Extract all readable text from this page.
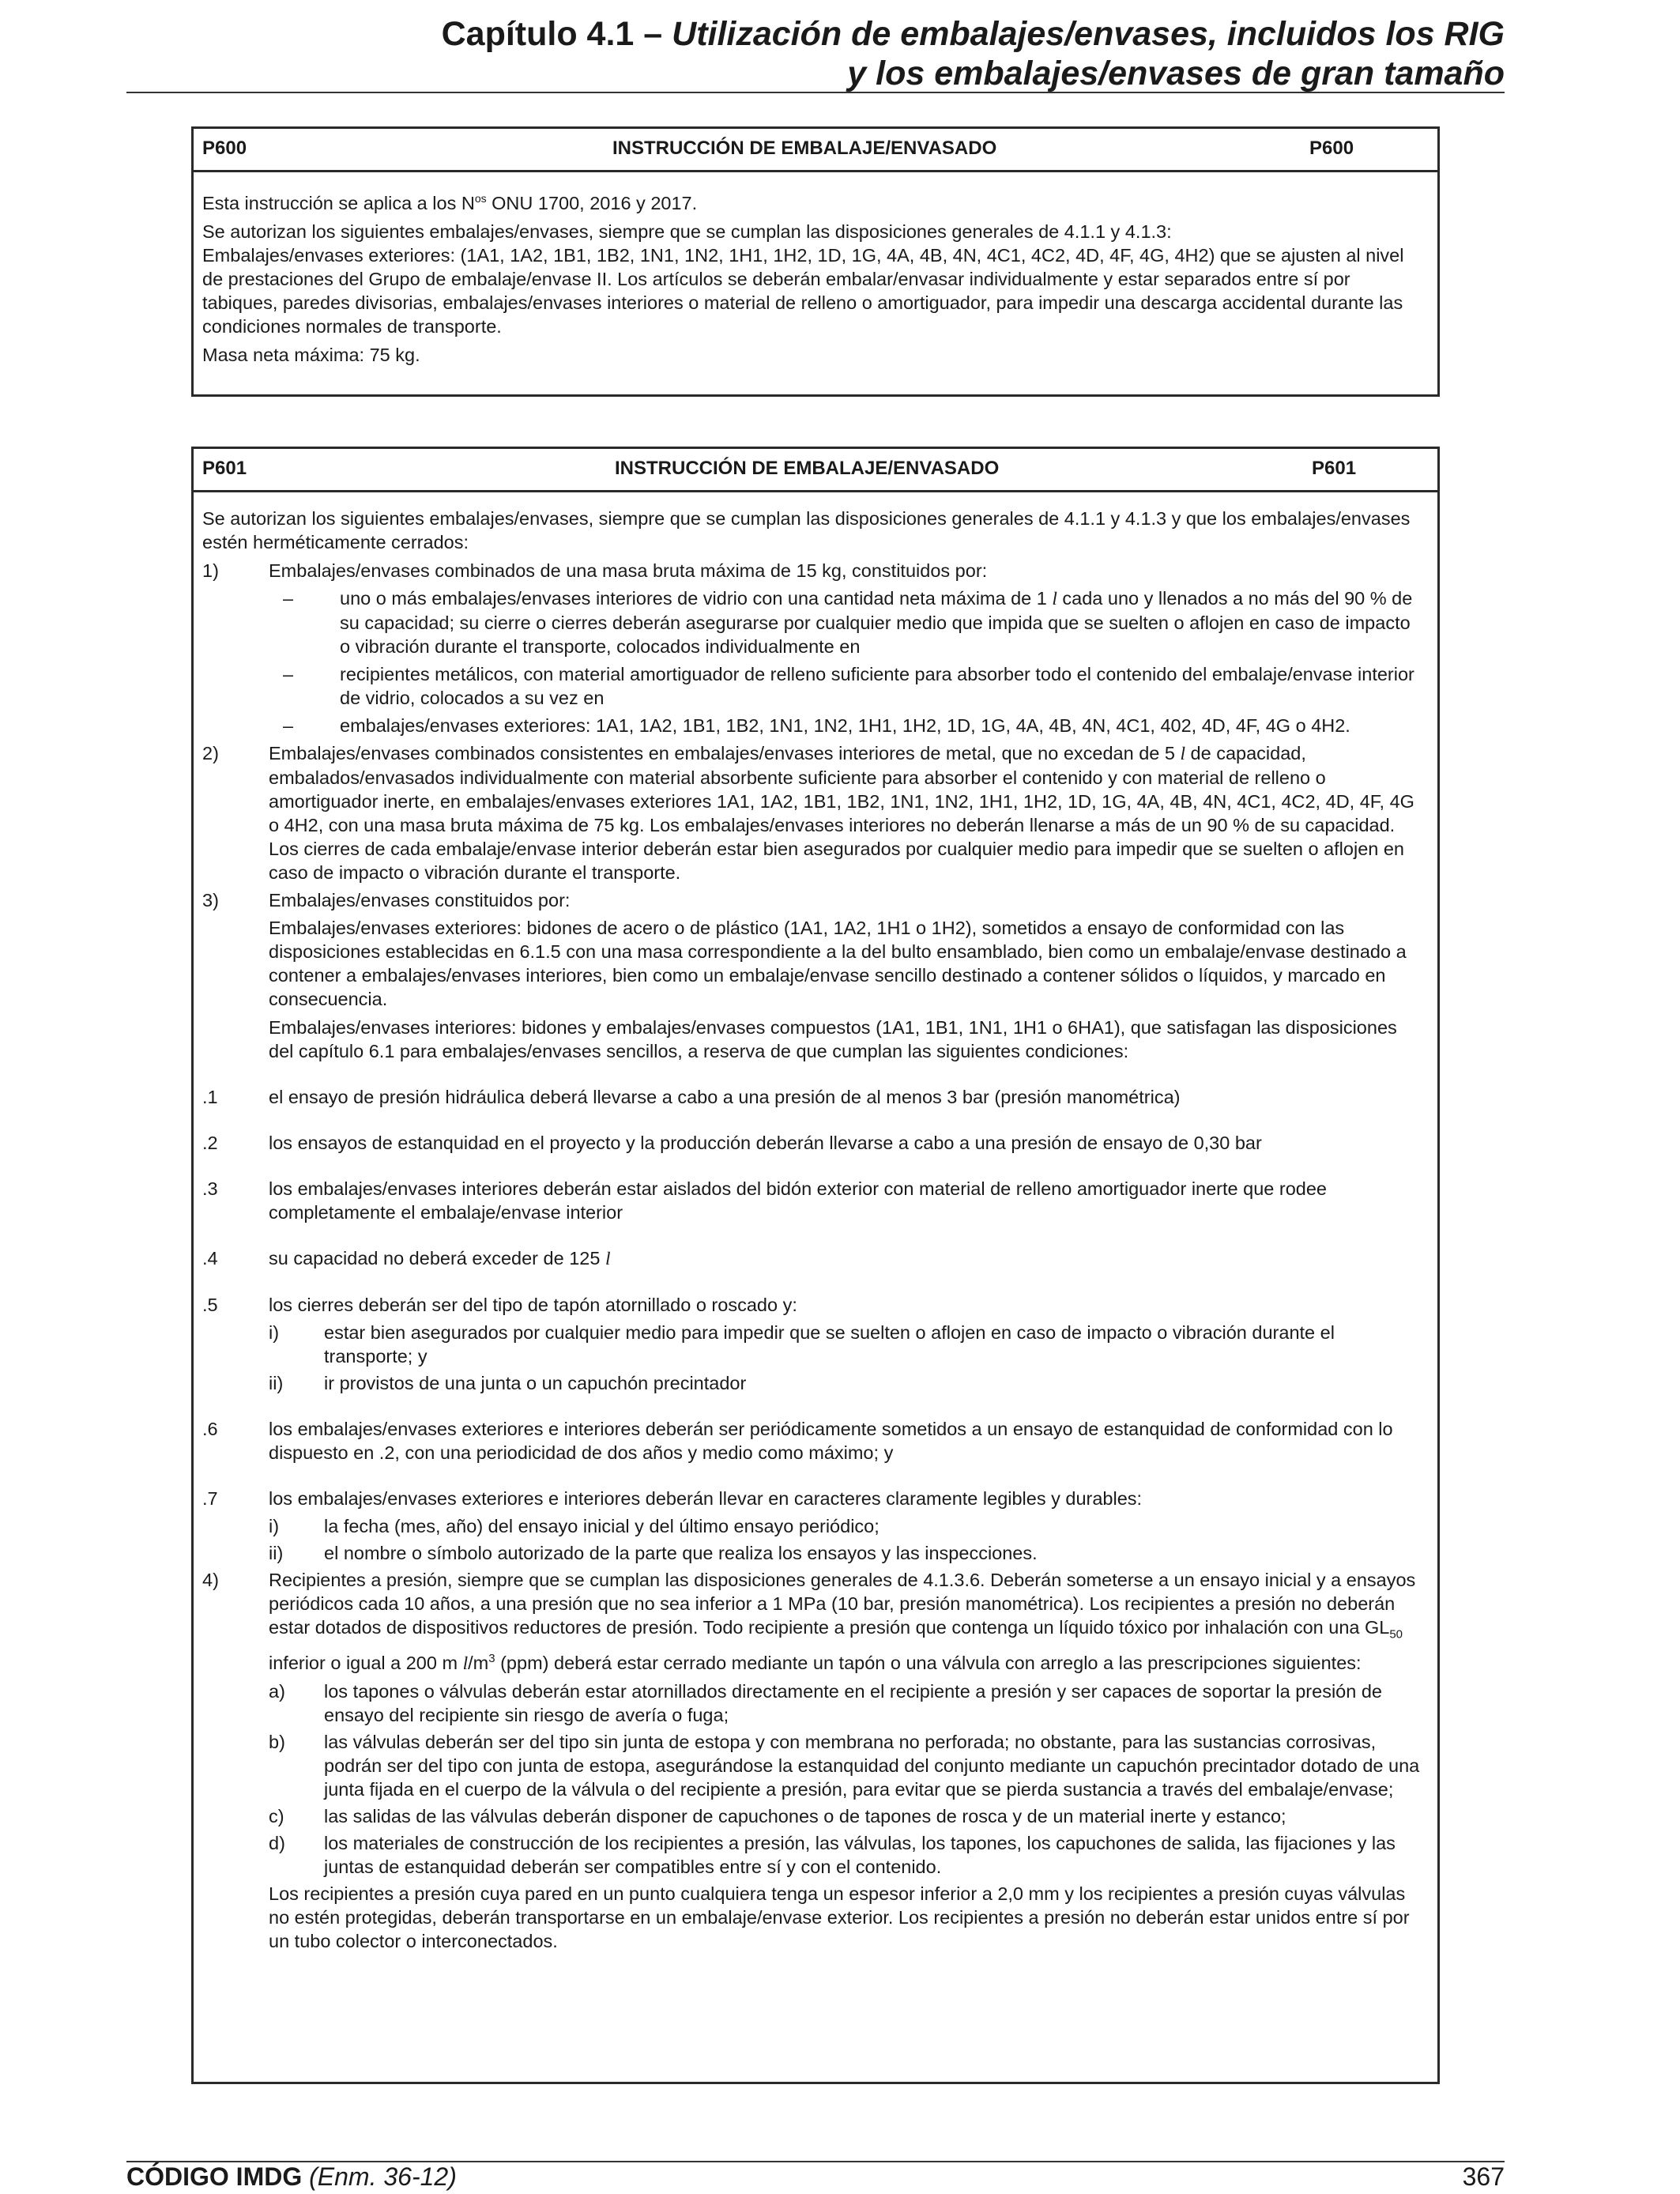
Capítulo 4.1 – Utilización de embalajes/envases, incluidos los RIG
y los embalajes/envases de gran tamaño
P600	INSTRUCCIÓN DE EMBALAJE/ENVASADO	P600

Esta instrucción se aplica a los $N^{os}$ ONU 1700, 2016 y 2017.

Se autorizan los siguientes embalajes/envases, siempre que se cumplan las disposiciones generales de 4.1.1 y 4.1.3:

Embalajes/envases exteriores: (1A1, 1A2, 1B1, 1B2, 1N1, 1N2, 1H1, 1H2, 1D, 1G, 4A, 4B, 4N, 4C1, 4C2, 4D, 4F, 4G, 4H2) que se ajusten al nivel de prestaciones del Grupo de embalaje/envase II. Los artículos se deberán embalar/envasar individualmente y estar separados entre sí por tabiques, paredes divisorias, embalajes/envases interiores o material de relleno o amortiguador, para impedir una descarga accidental durante las condiciones normales de transporte.

Masa neta máxima: 75 kg.

P601	INSTRUCCIÓN DE EMBALAJE/ENVASADO	P601

Se autorizan los siguientes embalajes/envases, siempre que se cumplan las disposiciones generales de 4.1.1 y 4.1.3 y que los embalajes/envases estén herméticamente cerrados:

1)	Embalajes/envases combinados de una masa bruta máxima de 15 kg, constituidos por:
–	uno o más embalajes/envases interiores de vidrio con una cantidad neta máxima de 1 l cada uno y llenados a no más del 90 % de su capacidad; su cierre o cierres deberán asegurarse por cualquier medio que impida que se suelten o aflojen en caso de impacto o vibración durante el transporte, colocados individualmente en
–	recipientes metálicos, con material amortiguador de relleno suficiente para absorber todo el contenido del embalaje/envase interior de vidrio, colocados a su vez en
–	embalajes/envases exteriores: 1A1, 1A2, 1B1, 1B2, 1N1, 1N2, 1H1, 1H2, 1D, 1G, 4A, 4B, 4N, 4C1, 402, 4D, 4F, 4G o 4H2.
2)	Embalajes/envases combinados consistentes en embalajes/envases interiores de metal, que no excedan de 5 l de capacidad, embalados/envasados individualmente con material absorbente suficiente para absorber el contenido y con material de relleno o amortiguador inerte, en embalajes/envases exteriores 1A1, 1A2, 1B1, 1B2, 1N1, 1N2, 1H1, 1H2, 1D, 1G, 4A, 4B, 4N, 4C1, 4C2, 4D, 4F, 4G o 4H2, con una masa bruta máxima de 75 kg. Los embalajes/envases interiores no deberán llenarse a más de un 90 % de su capacidad. Los cierres de cada embalaje/envase interior deberán estar bien asegurados por cualquier medio para impedir que se suelten o aflojen en caso de impacto o vibración durante el transporte.
3)	Embalajes/envases constituidos por:
Embalajes/envases exteriores: bidones de acero o de plástico (1A1, 1A2, 1H1 o 1H2), sometidos a ensayo de conformidad con las disposiciones establecidas en 6.1.5 con una masa correspondiente a la del bulto ensamblado, bien como un embalaje/envase destinado a contener a embalajes/envases interiores, bien como un embalaje/envase sencillo destinado a contener sólidos o líquidos, y marcado en consecuencia.
Embalajes/envases interiores: bidones y embalajes/envases compuestos (1A1, 1B1, 1N1, 1H1 o 6HA1), que satisfagan las disposiciones del capítulo 6.1 para embalajes/envases sencillos, a reserva de que cumplan las siguientes condiciones:
.1	el ensayo de presión hidráulica deberá llevarse a cabo a una presión de al menos 3 bar (presión manométrica)
.2	los ensayos de estanquidad en el proyecto y la producción deberán llevarse a cabo a una presión de ensayo de 0,30 bar
.3	los embalajes/envases interiores deberán estar aislados del bidón exterior con material de relleno amortiguador inerte que rodee completamente el embalaje/envase interior
.4	su capacidad no deberá exceder de 125 l
.5	los cierres deberán ser del tipo de tapón atornillado o roscado y:
i)	estar bien asegurados por cualquier medio para impedir que se suelten o aflojen en caso de impacto o vibración durante el transporte; y
ii)	ir provistos de una junta o un capuchón precintador
.6	los embalajes/envases exteriores e interiores deberán ser periódicamente sometidos a un ensayo de estanquidad de conformidad con lo dispuesto en .2, con una periodicidad de dos años y medio como máximo; y
.7	los embalajes/envases exteriores e interiores deberán llevar en caracteres claramente legibles y durables:
i)	la fecha (mes, año) del ensayo inicial y del último ensayo periódico;
ii)	el nombre o símbolo autorizado de la parte que realiza los ensayos y las inspecciones.
4)	Recipientes a presión, siempre que se cumplan las disposiciones generales de 4.1.3.6. Deberán someterse a un ensayo inicial y a ensayos periódicos cada 10 años, a una presión que no sea inferior a 1 MPa (10 bar, presión manométrica). Los recipientes a presión no deberán estar dotados de dispositivos reductores de presión. Todo recipiente a presión que contenga un líquido tóxico por inhalación con una $GL_{50}$ inferior o igual a 200 m $l/m^3$ (ppm) deberá estar cerrado mediante un tapón o una válvula con arreglo a las prescripciones siguientes:
a)	los tapones o válvulas deberán estar atornillados directamente en el recipiente a presión y ser capaces de soportar la presión de ensayo del recipiente sin riesgo de avería o fuga;
b)	las válvulas deberán ser del tipo sin junta de estopa y con membrana no perforada; no obstante, para las sustancias corrosivas, podrán ser del tipo con junta de estopa, asegurándose la estanquidad del conjunto mediante un capuchón precintador dotado de una junta fijada en el cuerpo de la válvula o del recipiente a presión, para evitar que se pierda sustancia a través del embalaje/envase;
c)	las salidas de las válvulas deberán disponer de capuchones o de tapones de rosca y de un material inerte y estanco;
d)	los materiales de construcción de los recipientes a presión, las válvulas, los tapones, los capuchones de salida, las fijaciones y las juntas de estanquidad deberán ser compatibles entre sí y con el contenido.
Los recipientes a presión cuya pared en un punto cualquiera tenga un espesor inferior a 2,0 mm y los recipientes a presión cuyas válvulas no estén protegidas, deberán transportarse en un embalaje/envase exterior. Los recipientes a presión no deberán estar unidos entre sí por un tubo colector o interconectados.
CÓDIGO IMDG (Enm. 36-12)	367
